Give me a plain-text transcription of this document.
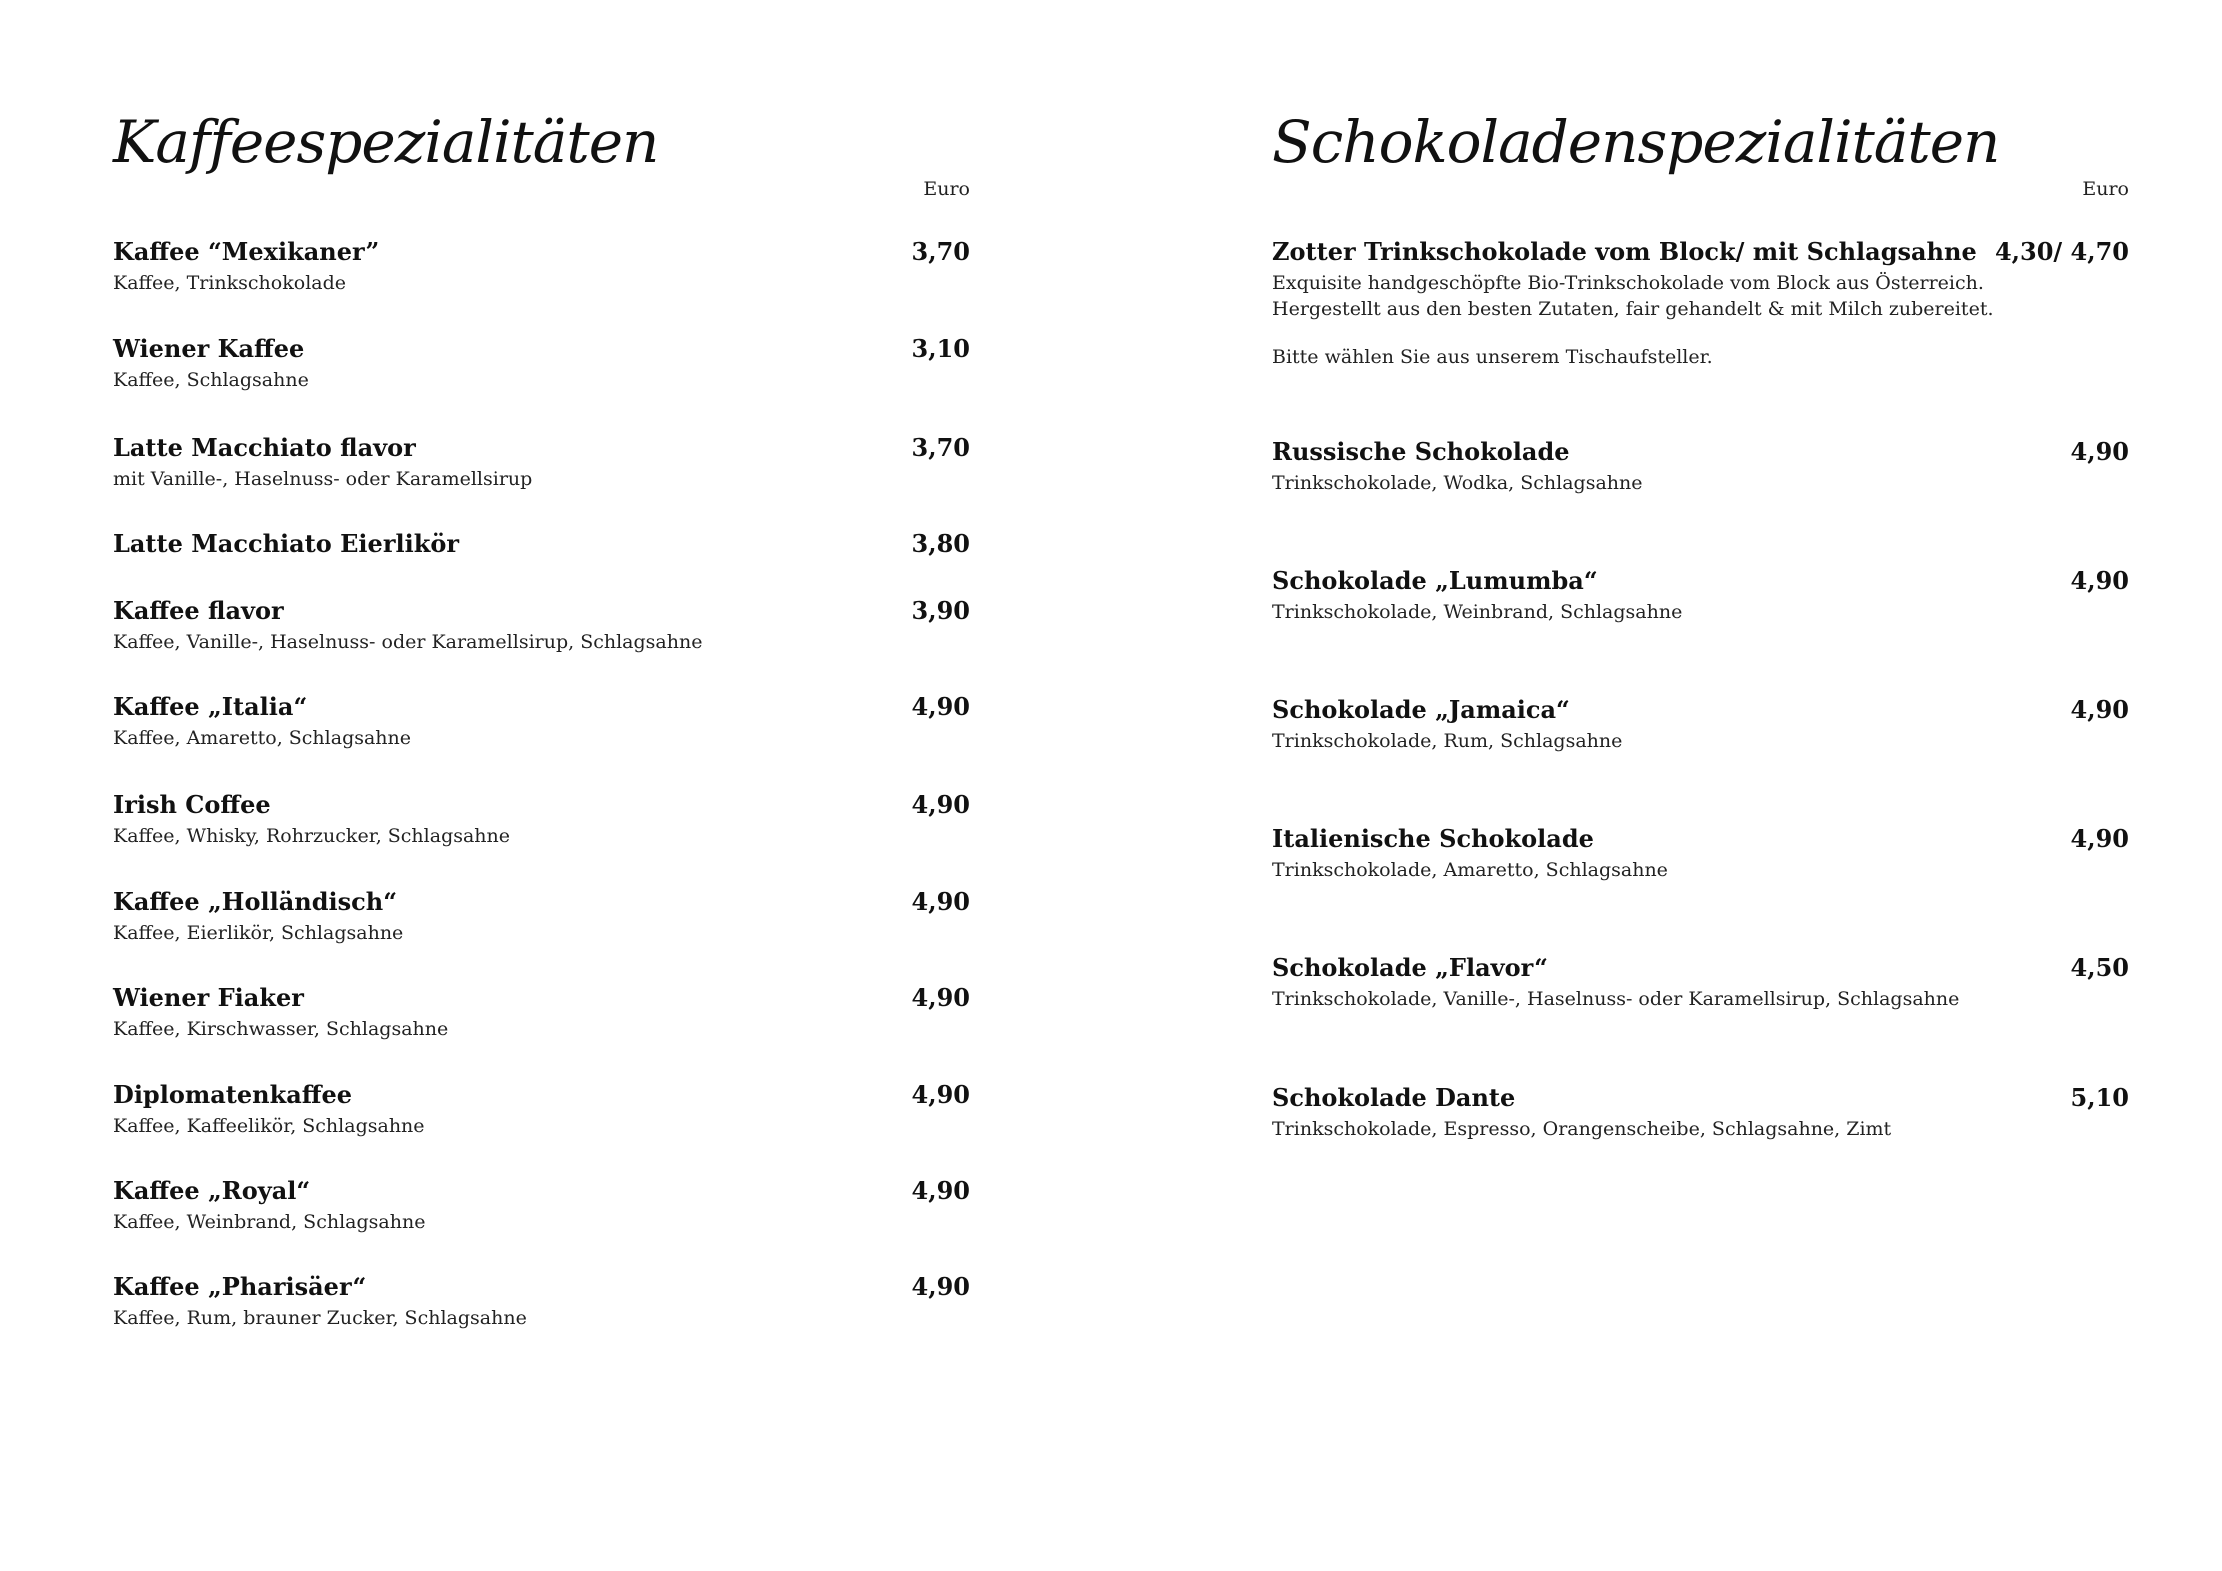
Kaffeespezialitäten
Euro
Kaffee “Mexikaner”	3,70
Kaffee, Trinkschokolade
Wiener Kaffee	3,10
Kaffee, Schlagsahne
Latte Macchiato flavor	3,70
mit Vanille-, Haselnuss- oder Karamellsirup
Latte Macchiato Eierlikör	3,80
Kaffee flavor	3,90
Kaffee, Vanille-, Haselnuss- oder Karamellsirup, Schlagsahne
Kaffee „Italia“	4,90
Kaffee, Amaretto, Schlagsahne
Irish Coffee	4,90
Kaffee, Whisky, Rohrzucker, Schlagsahne
Kaffee „Holländisch“	4,90
Kaffee, Eierlikör, Schlagsahne
Wiener Fiaker	4,90
Kaffee, Kirschwasser, Schlagsahne
Diplomatenkaffee	4,90
Kaffee, Kaffeelikör, Schlagsahne
Kaffee „Royal“	4,90
Kaffee, Weinbrand, Schlagsahne
Kaffee „Pharisäer“	4,90
Kaffee, Rum, brauner Zucker, Schlagsahne
Schokoladenspezialitäten
Euro
Zotter Trinkschokolade vom Block/ mit Schlagsahne 4,30/ 4,70
Exquisite handgeschöpfte Bio-Trinkschokolade vom Block aus Österreich.
Hergestellt aus den besten Zutaten, fair gehandelt & mit Milch zubereitet.
Bitte wählen Sie aus unserem Tischaufsteller.
Russische Schokolade	4,90
Trinkschokolade, Wodka, Schlagsahne
Schokolade „Lumumba“	4,90
Trinkschokolade, Weinbrand, Schlagsahne
Schokolade „Jamaica“	4,90
Trinkschokolade, Rum, Schlagsahne
Italienische Schokolade	4,90
Trinkschokolade, Amaretto, Schlagsahne
Schokolade „Flavor“	4,50
Trinkschokolade, Vanille-, Haselnuss- oder Karamellsirup, Schlagsahne
Schokolade Dante	5,10
Trinkschokolade, Espresso, Orangenscheibe, Schlagsahne, Zimt
